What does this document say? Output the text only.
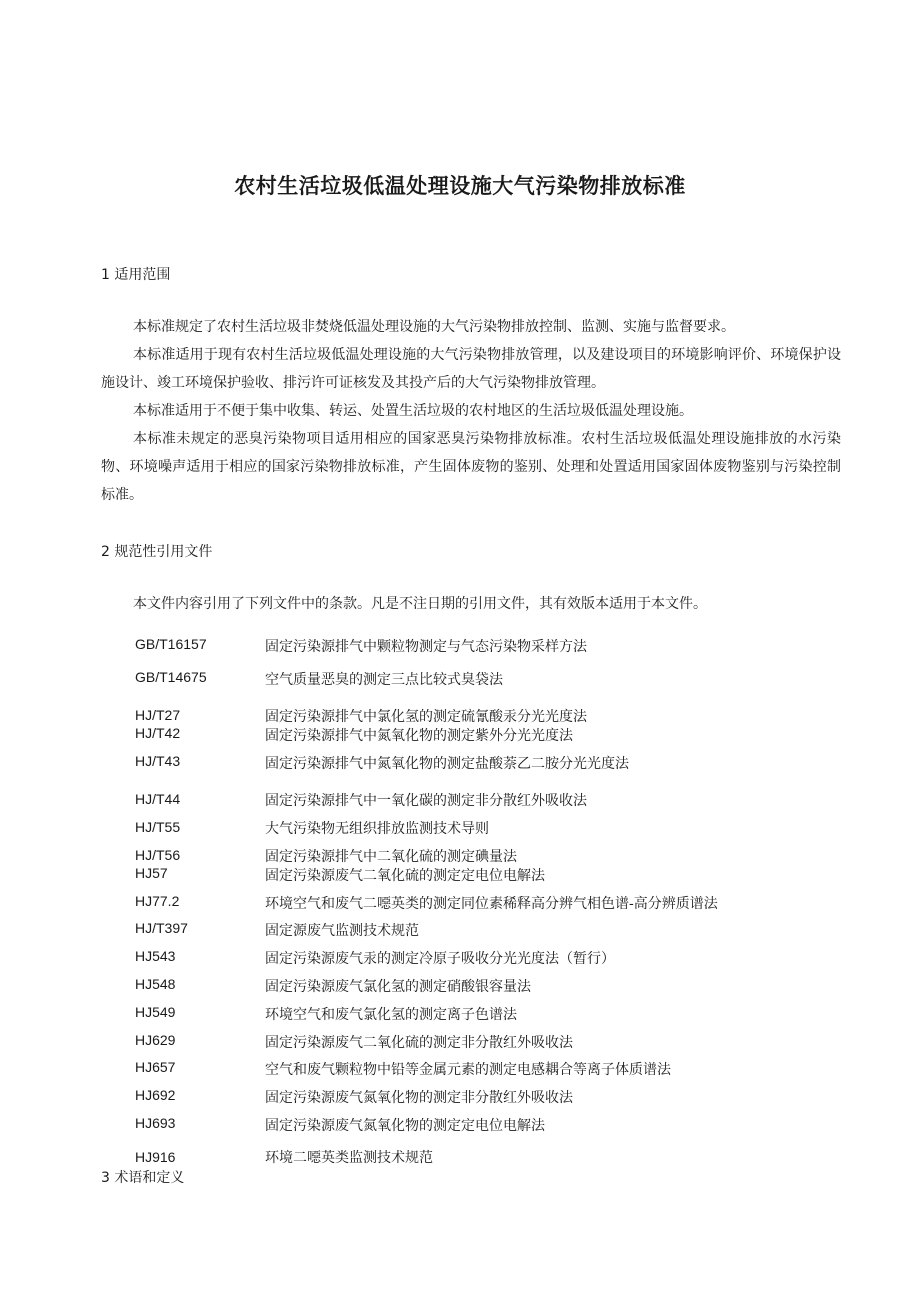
农村生活垃圾低温处理设施大气污染物排放标准
1 适用范围
本标准规定了农村生活垃圾非焚烧低温处理设施的大气污染物排放控制、监测、实施与监督要求。
本标准适用于现有农村生活垃圾低温处理设施的大气污染物排放管理，以及建设项目的环境影响评价、环境保护设施设计、竣工环境保护验收、排污许可证核发及其投产后的大气污染物排放管理。
本标准适用于不便于集中收集、转运、处置生活垃圾的农村地区的生活垃圾低温处理设施。
本标准未规定的恶臭污染物项目适用相应的国家恶臭污染物排放标准。农村生活垃圾低温处理设施排放的水污染物、环境噪声适用于相应的国家污染物排放标准，产生固体废物的鉴别、处理和处置适用国家固体废物鉴别与污染控制标准。
2 规范性引用文件
本文件内容引用了下列文件中的条款。凡是不注日期的引用文件，其有效版本适用于本文件。
GB/T16157	固定污染源排气中颗粒物测定与气态污染物采样方法
GB/T14675	空气质量恶臭的测定三点比较式臭袋法
HJ/T27	固定污染源排气中氯化氢的测定硫氰酸汞分光光度法
HJ/T42	固定污染源排气中氮氧化物的测定紫外分光光度法
HJ/T43	固定污染源排气中氮氧化物的测定盐酸萘乙二胺分光光度法
HJ/T44	固定污染源排气中一氧化碳的测定非分散红外吸收法
HJ/T55	大气污染物无组织排放监测技术导则
HJ/T56	固定污染源排气中二氧化硫的测定碘量法
HJ57	固定污染源废气二氧化硫的测定定电位电解法
HJ77.2	环境空气和废气二噁英类的测定同位素稀释高分辨气相色谱-高分辨质谱法
HJ/T397	固定源废气监测技术规范
HJ543	固定污染源废气汞的测定冷原子吸收分光光度法（暂行）
HJ548	固定污染源废气氯化氢的测定硝酸银容量法
HJ549	环境空气和废气氯化氢的测定离子色谱法
HJ629	固定污染源废气二氧化硫的测定非分散红外吸收法
HJ657	空气和废气颗粒物中铅等金属元素的测定电感耦合等离子体质谱法
HJ692	固定污染源废气氮氧化物的测定非分散红外吸收法
HJ693	固定污染源废气氮氧化物的测定定电位电解法
HJ916	环境二噁英类监测技术规范
3 术语和定义
